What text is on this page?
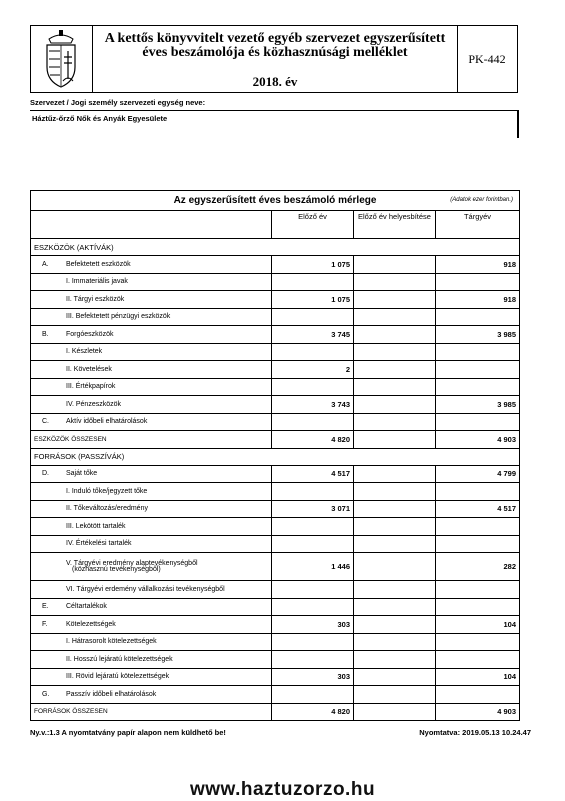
A kettős könyvvitelt vezető egyéb szervezet egyszerűsített
éves beszámolója és közhasznúsági melléklet
2018. év
PK-442
Szervezet / Jogi személy szervezeti egység neve:
Háztűz-őrző Nők és Anyák Egyesülete
Az egyszerűsített éves beszámoló mérlege (Adatok ezer forintban.)			

	Előző év	Előző év helyesbítése	Tárgyév
ESZKÖZÖK (AKTÍVÁK)			

A. Befektetett eszközök	1 075		918

I. Immateriális javak			

II. Tárgyi eszközök	1 075		918

III. Befektetett pénzügyi eszközök			

B. Forgóeszközök	3 745		3 985

I. Készletek			

II. Követelések	2		

III. Értékpapírok			

IV. Pénzeszközök	3 743		3 985

C. Aktív időbeli elhatárolások			

ESZKÖZÖK ÖSSZESEN	4 820		4 903
FORRÁSOK (PASSZÍVÁK)			

D. Saját tőke	4 517		4 799

I. Induló tőke/jegyzett tőke			

II. Tőkeváltozás/eredmény	3 071		4 517

III. Lekötött tartalék			

IV. Értékelési tartalék			

V. Tárgyévi eredmény alaptevékenységből
(közhasznú tevékenységből)	1 446		282

VI. Tárgyévi erdemény vállalkozási tevékenységből			

E. Céltartalékok			

F. Kötelezettségek	303		104

I. Hátrasorolt kötelezettségek			

II. Hosszú lejáratú kötelezettségek			

III. Rövid lejáratú kötelezettségek	303		104

G. Passzív időbeli elhatárolások			

FORRÁSOK ÖSSZESEN	4 820		4 903
Ny.v.:1.3 A nyomtatvány papír alapon nem küldhető be!	Nyomtatva: 2019.05.13 10.24.47
www.haztuzorzo.hu
